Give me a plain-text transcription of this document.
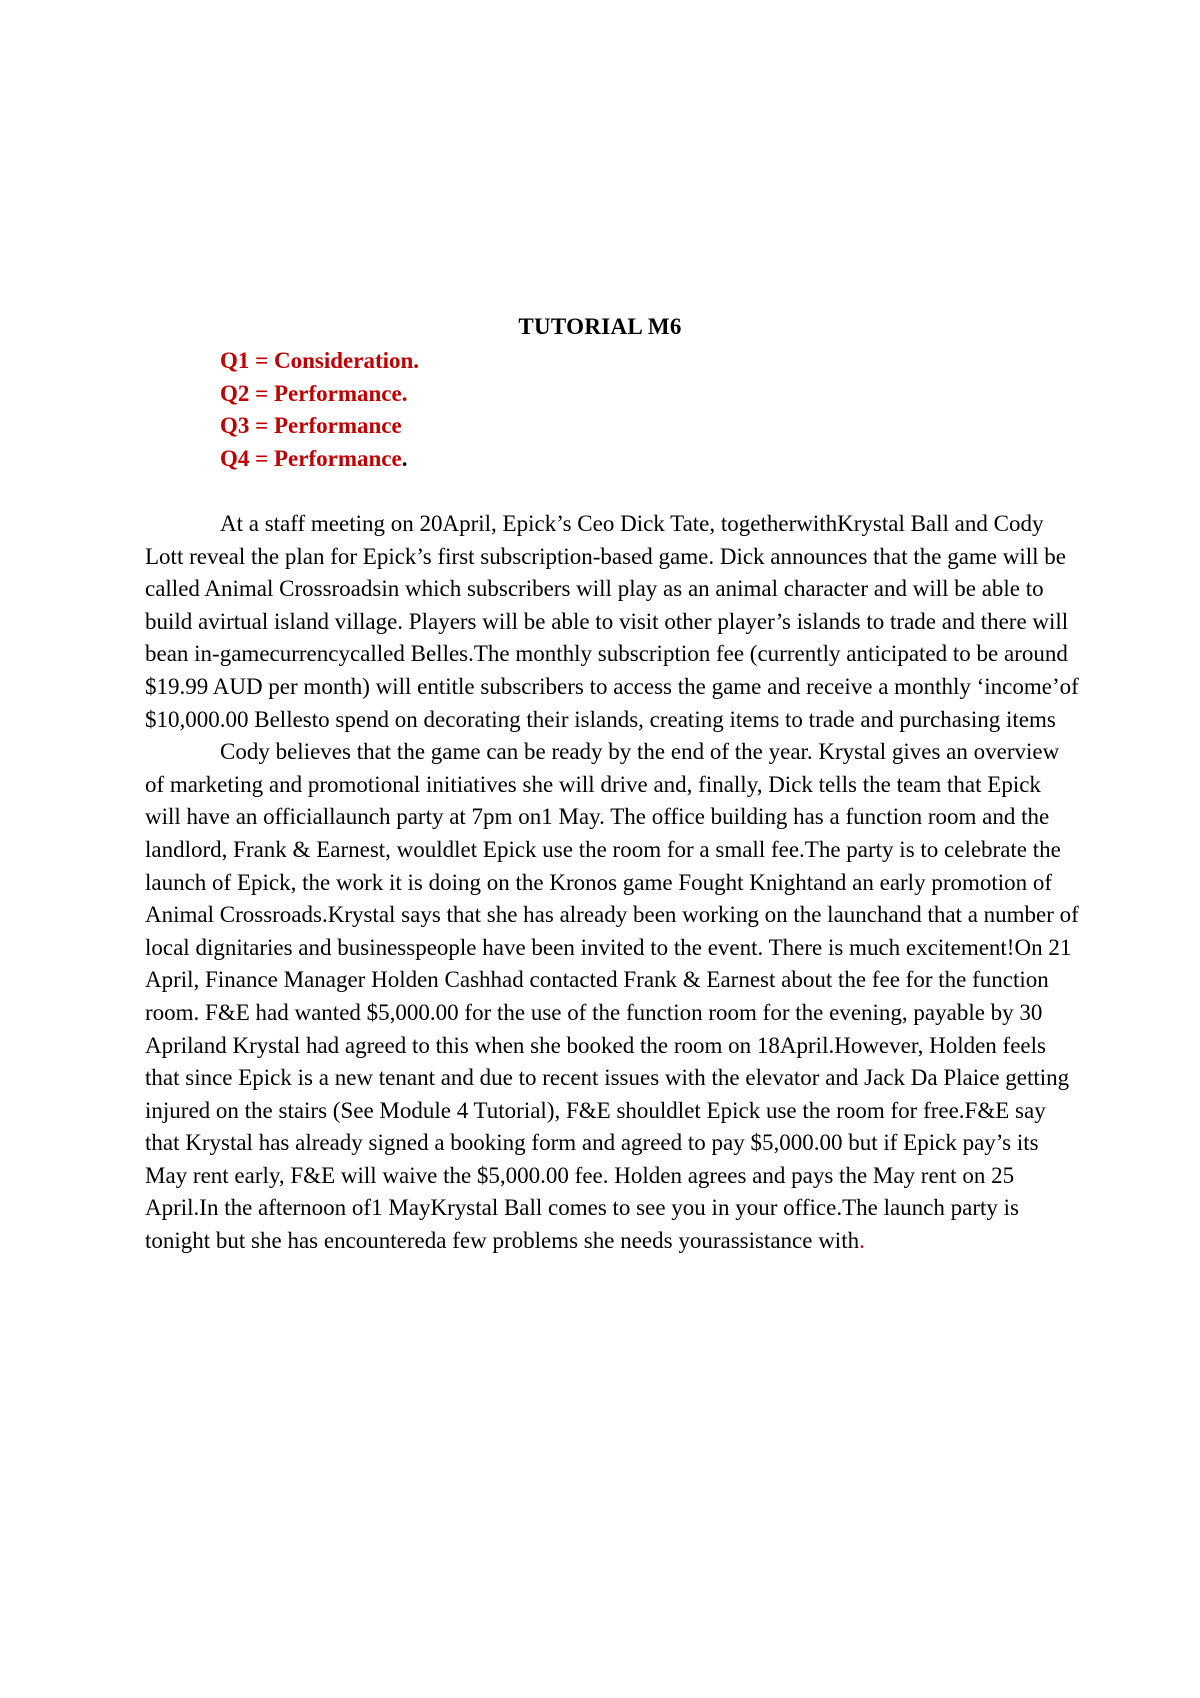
TUTORIAL M6
Q1 = Consideration.
Q2 = Performance.
Q3 = Performance
Q4 = Performance.

At a staff meeting on 20April, Epick’s Ceo Dick Tate, togetherwithKrystal Ball and Cody Lott reveal the plan for Epick’s first subscription-based game. Dick announces that the game will be called Animal Crossroadsin which subscribers will play as an animal character and will be able to build avirtual island village. Players will be able to visit other player’s islands to trade and there will bean in-gamecurrencycalled Belles.The monthly subscription fee (currently anticipated to be around $19.99 AUD per month) will entitle subscribers to access the game and receive a monthly ‘income’of $10,000.00 Bellesto spend on decorating their islands, creating items to trade and purchasing items

Cody believes that the game can be ready by the end of the year. Krystal gives an overview of marketing and promotional initiatives she will drive and, finally, Dick tells the team that Epick will have an officiallaunch party at 7pm on1 May. The office building has a function room and the landlord, Frank & Earnest, wouldlet Epick use the room for a small fee.The party is to celebrate the launch of Epick, the work it is doing on the Kronos game Fought Knightand an early promotion of Animal Crossroads.Krystal says that she has already been working on the launchand that a number of local dignitaries and businesspeople have been invited to the event. There is much excitement!On 21 April, Finance Manager Holden Cashhad contacted Frank & Earnest about the fee for the function room. F&E had wanted $5,000.00 for the use of the function room for the evening, payable by 30 Apriland Krystal had agreed to this when she booked the room on 18April.However, Holden feels that since Epick is a new tenant and due to recent issues with the elevator and Jack Da Plaice getting injured on the stairs (See Module 4 Tutorial), F&E shouldlet Epick use the room for free.F&E say that Krystal has already signed a booking form and agreed to pay $5,000.00 but if Epick pay’s its May rent early, F&E will waive the $5,000.00 fee. Holden agrees and pays the May rent on 25 April.In the afternoon of1 MayKrystal Ball comes to see you in your office.The launch party is tonight but she has encountereda few problems she needs yourassistance with.
